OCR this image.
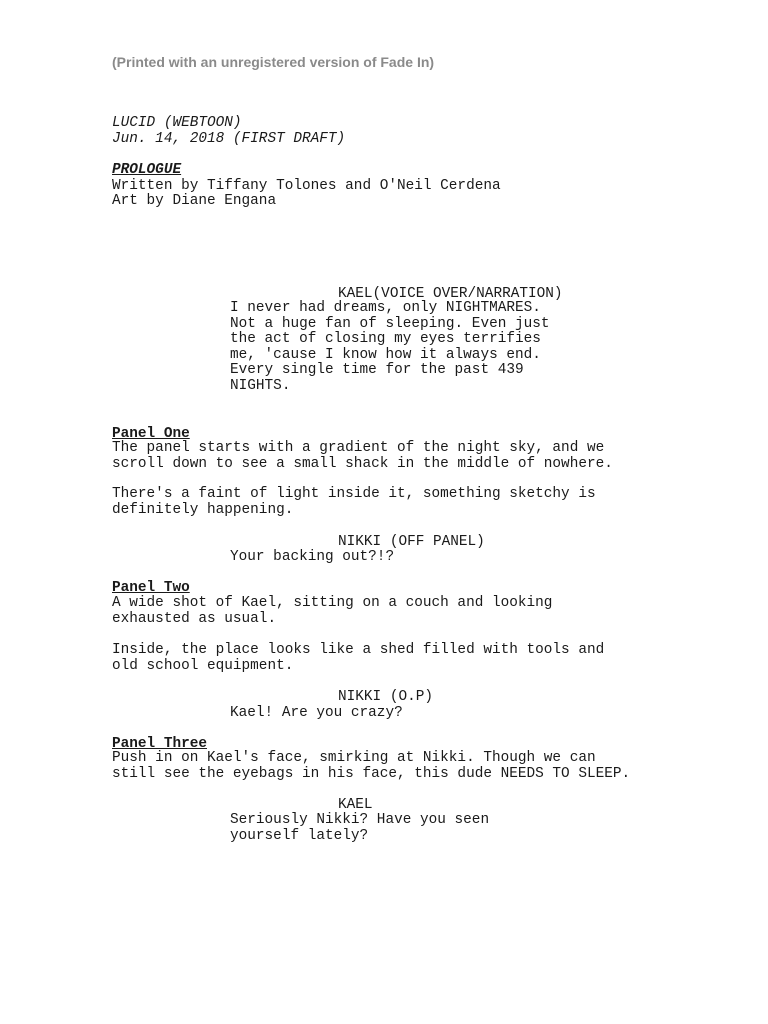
(Printed with an unregistered version of Fade In)

LUCID (WEBTOON)

Jun. 14, 2018 (FIRST DRAFT)

PROLOGUE

Written by Tiffany Tolones and O'Neil Cerdena

Art by Diane Engana

KAEL(VOICE OVER/NARRATION)

I never had dreams, only NIGHTMARES.
Not a huge fan of sleeping. Even just
the act of closing my eyes terrifies
me, 'cause I know how it always end.
Every single time for the past 439
NIGHTS.

Panel One

The panel starts with a gradient of the night sky, and we
scroll down to see a small shack in the middle of nowhere.
There's a faint of light inside it, something sketchy is
definitely happening.

NIKKI (OFF PANEL)

Your backing out?!?

Panel Two

A wide shot of Kael, sitting on a couch and looking
exhausted as usual.
Inside, the place looks like a shed filled with tools and
old school equipment.

NIKKI (O.P)

Kael! Are you crazy?

Panel Three

Push in on Kael's face, smirking at Nikki. Though we can
still see the eyebags in his face, this dude NEEDS TO SLEEP.

KAEL

Seriously Nikki? Have you seen
yourself lately?
